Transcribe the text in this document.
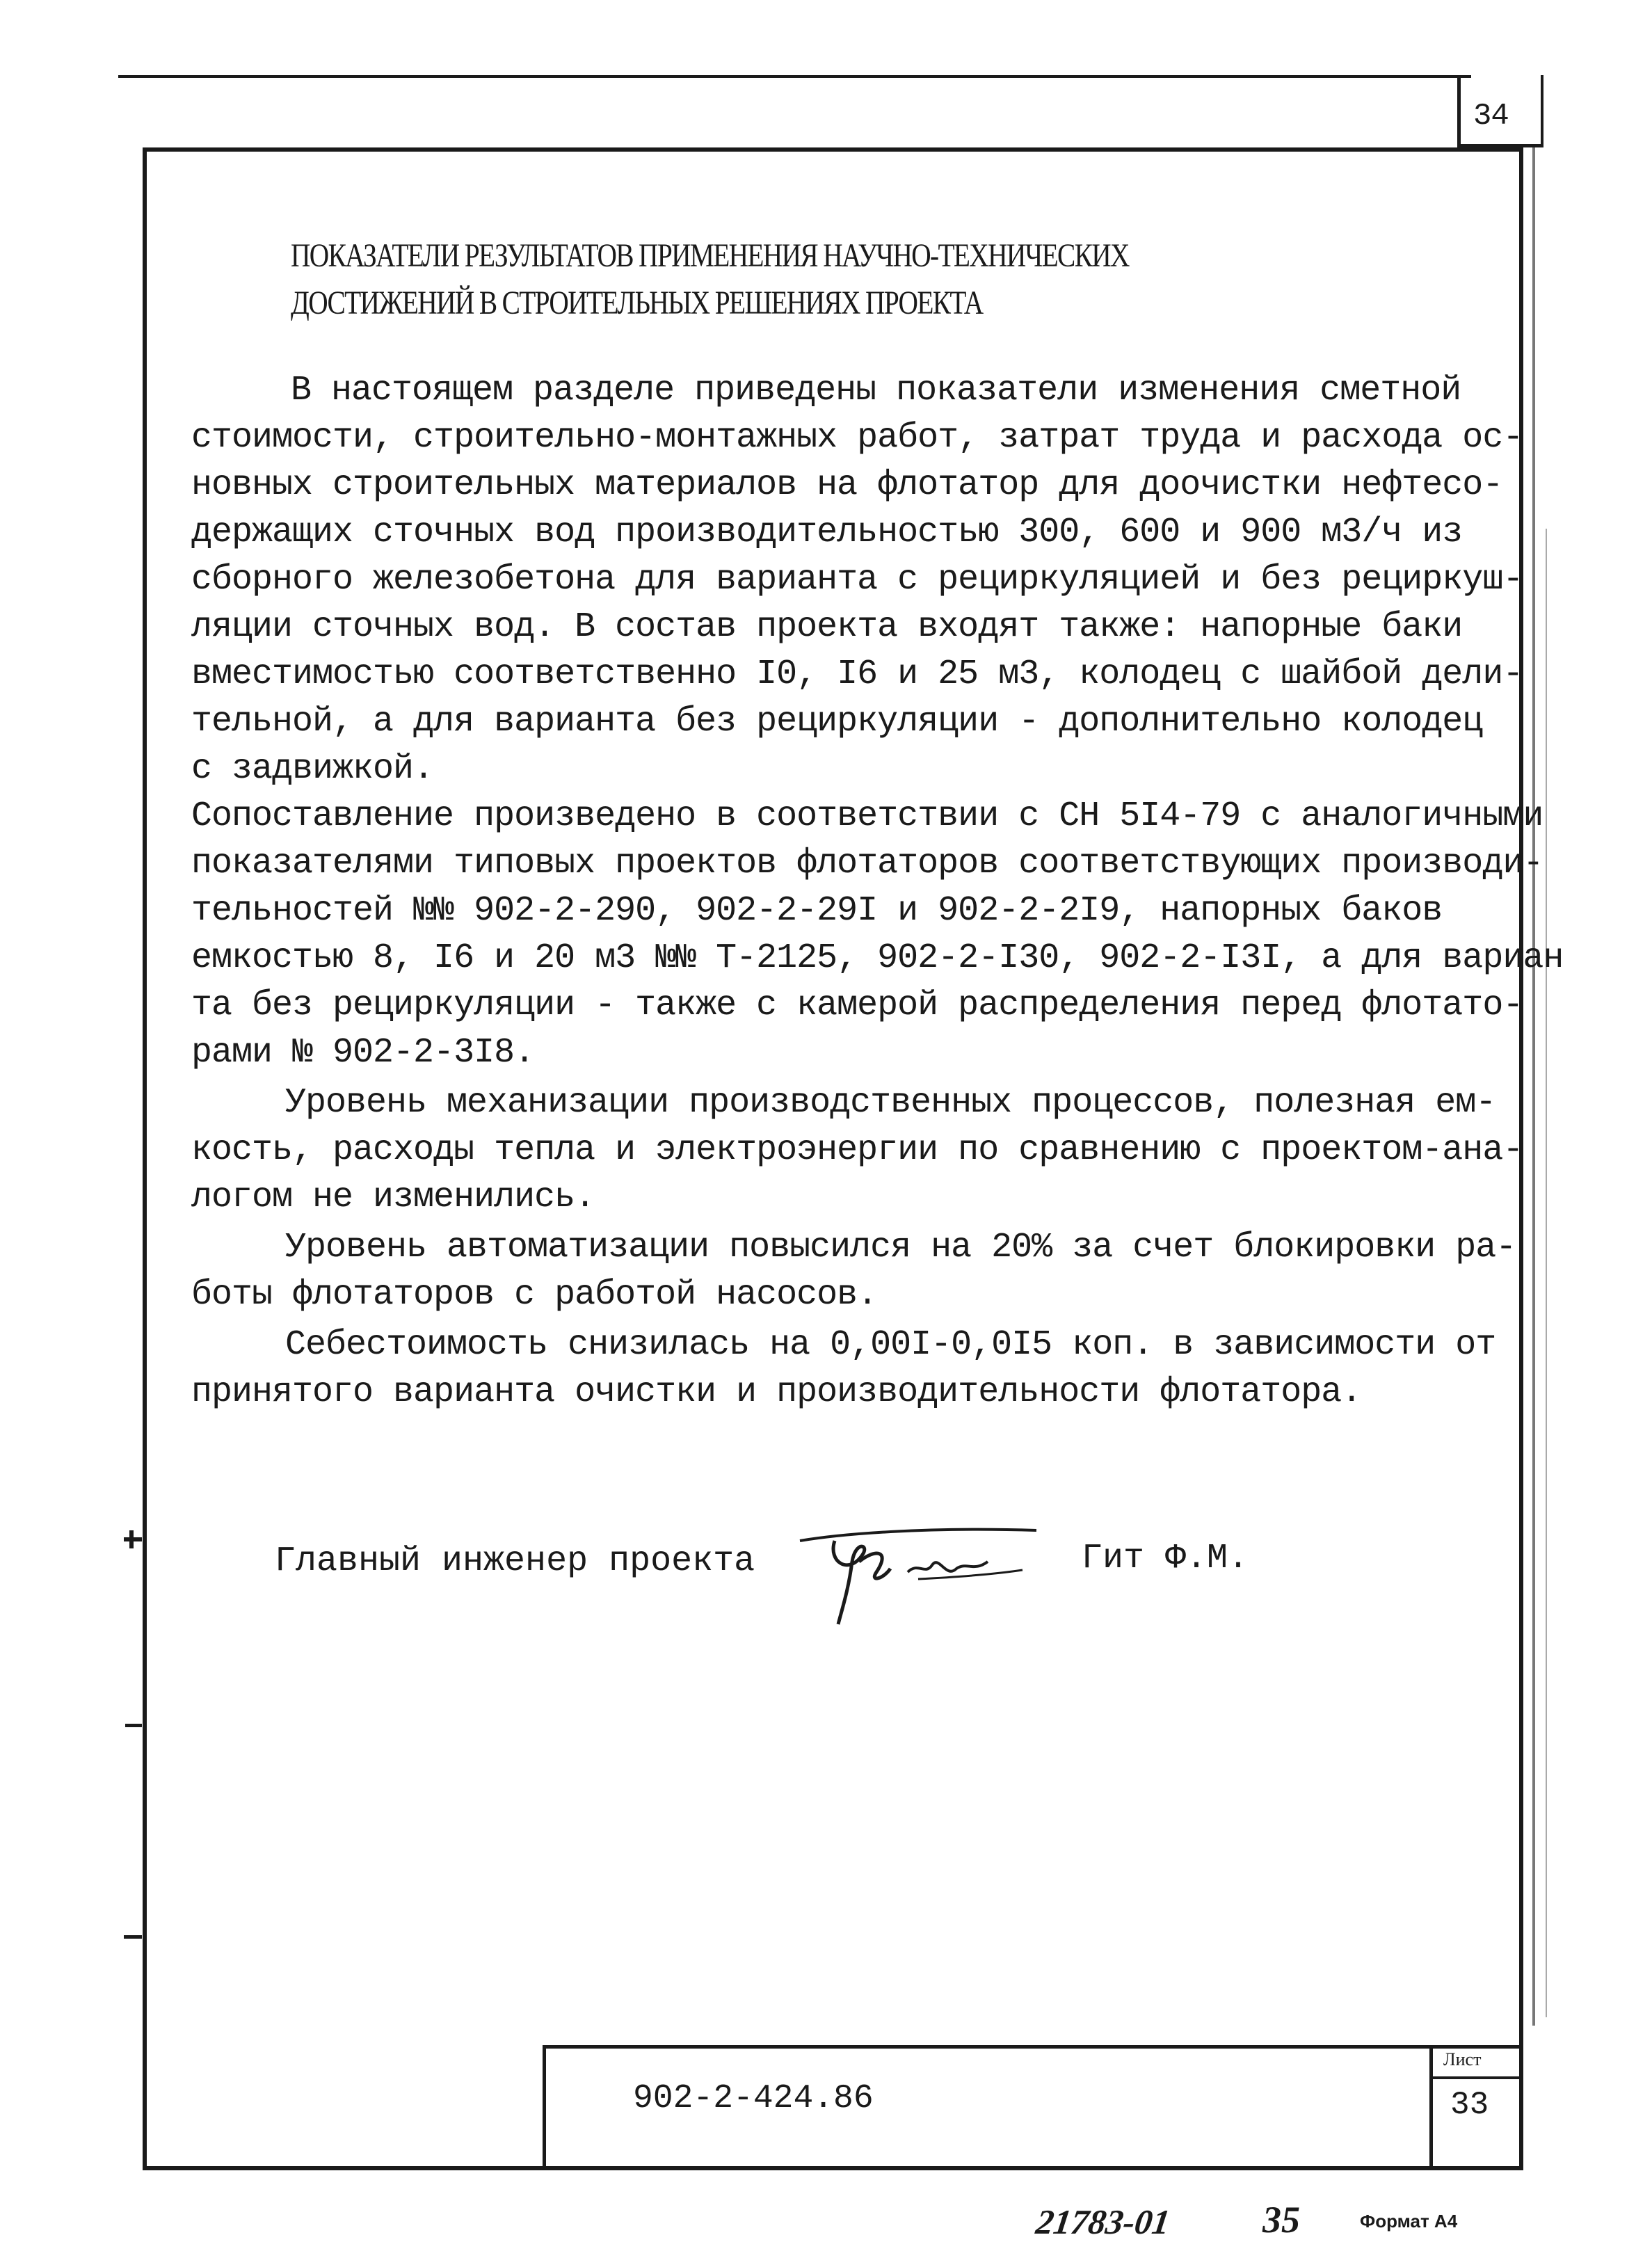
34
ПОКАЗАТЕЛИ РЕЗУЛЬТАТОВ ПРИМЕНЕНИЯ НАУЧНО-ТЕХНИЧЕСКИХ
ДОСТИЖЕНИЙ В СТРОИТЕЛЬНЫХ РЕШЕНИЯХ ПРОЕКТА
В настоящем разделе приведены показатели изменения сметной
стоимости, строительно-монтажных работ, затрат труда и расхода ос-
новных строительных материалов на флотатор для доочистки нефтесо-
держащих сточных вод производительностью 300, 600 и 900 м3/ч из
сборного железобетона для варианта с рециркуляцией и без рециркуш-
ляции сточных вод. В состав проекта входят также: напорные баки
вместимостью соответственно I0, I6 и 25 м3, колодец с шайбой дели-
тельной, а для варианта без рециркуляции - дополнительно колодец
с задвижкой.
Сопоставление произведено в соответствии с СН 5I4-79 с аналогичными
показателями типовых проектов флотаторов соответствующих производи-
тельностей №№ 902-2-290, 902-2-29I и 902-2-2I9, напорных баков
емкостью 8, I6 и 20 м3 №№ Т-2125, 902-2-I30, 902-2-I3I, а для вариан
та без рециркуляции - также с камерой распределения перед флотато-
рами № 902-2-3I8.
Уровень механизации производственных процессов, полезная ем-
кость, расходы тепла и электроэнергии по сравнению с проектом-ана-
логом не изменились.
Уровень автоматизации повысился на 20% за счет блокировки ра-
боты флотаторов с работой насосов.
Себестоимость снизилась на 0,00I-0,0I5 коп. в зависимости от
принятого варианта очистки и производительности флотатора.
Главный инженер проекта	Гит Ф.М.
902-2-424.86
Лист
33
21783-01 35	Формат А4
